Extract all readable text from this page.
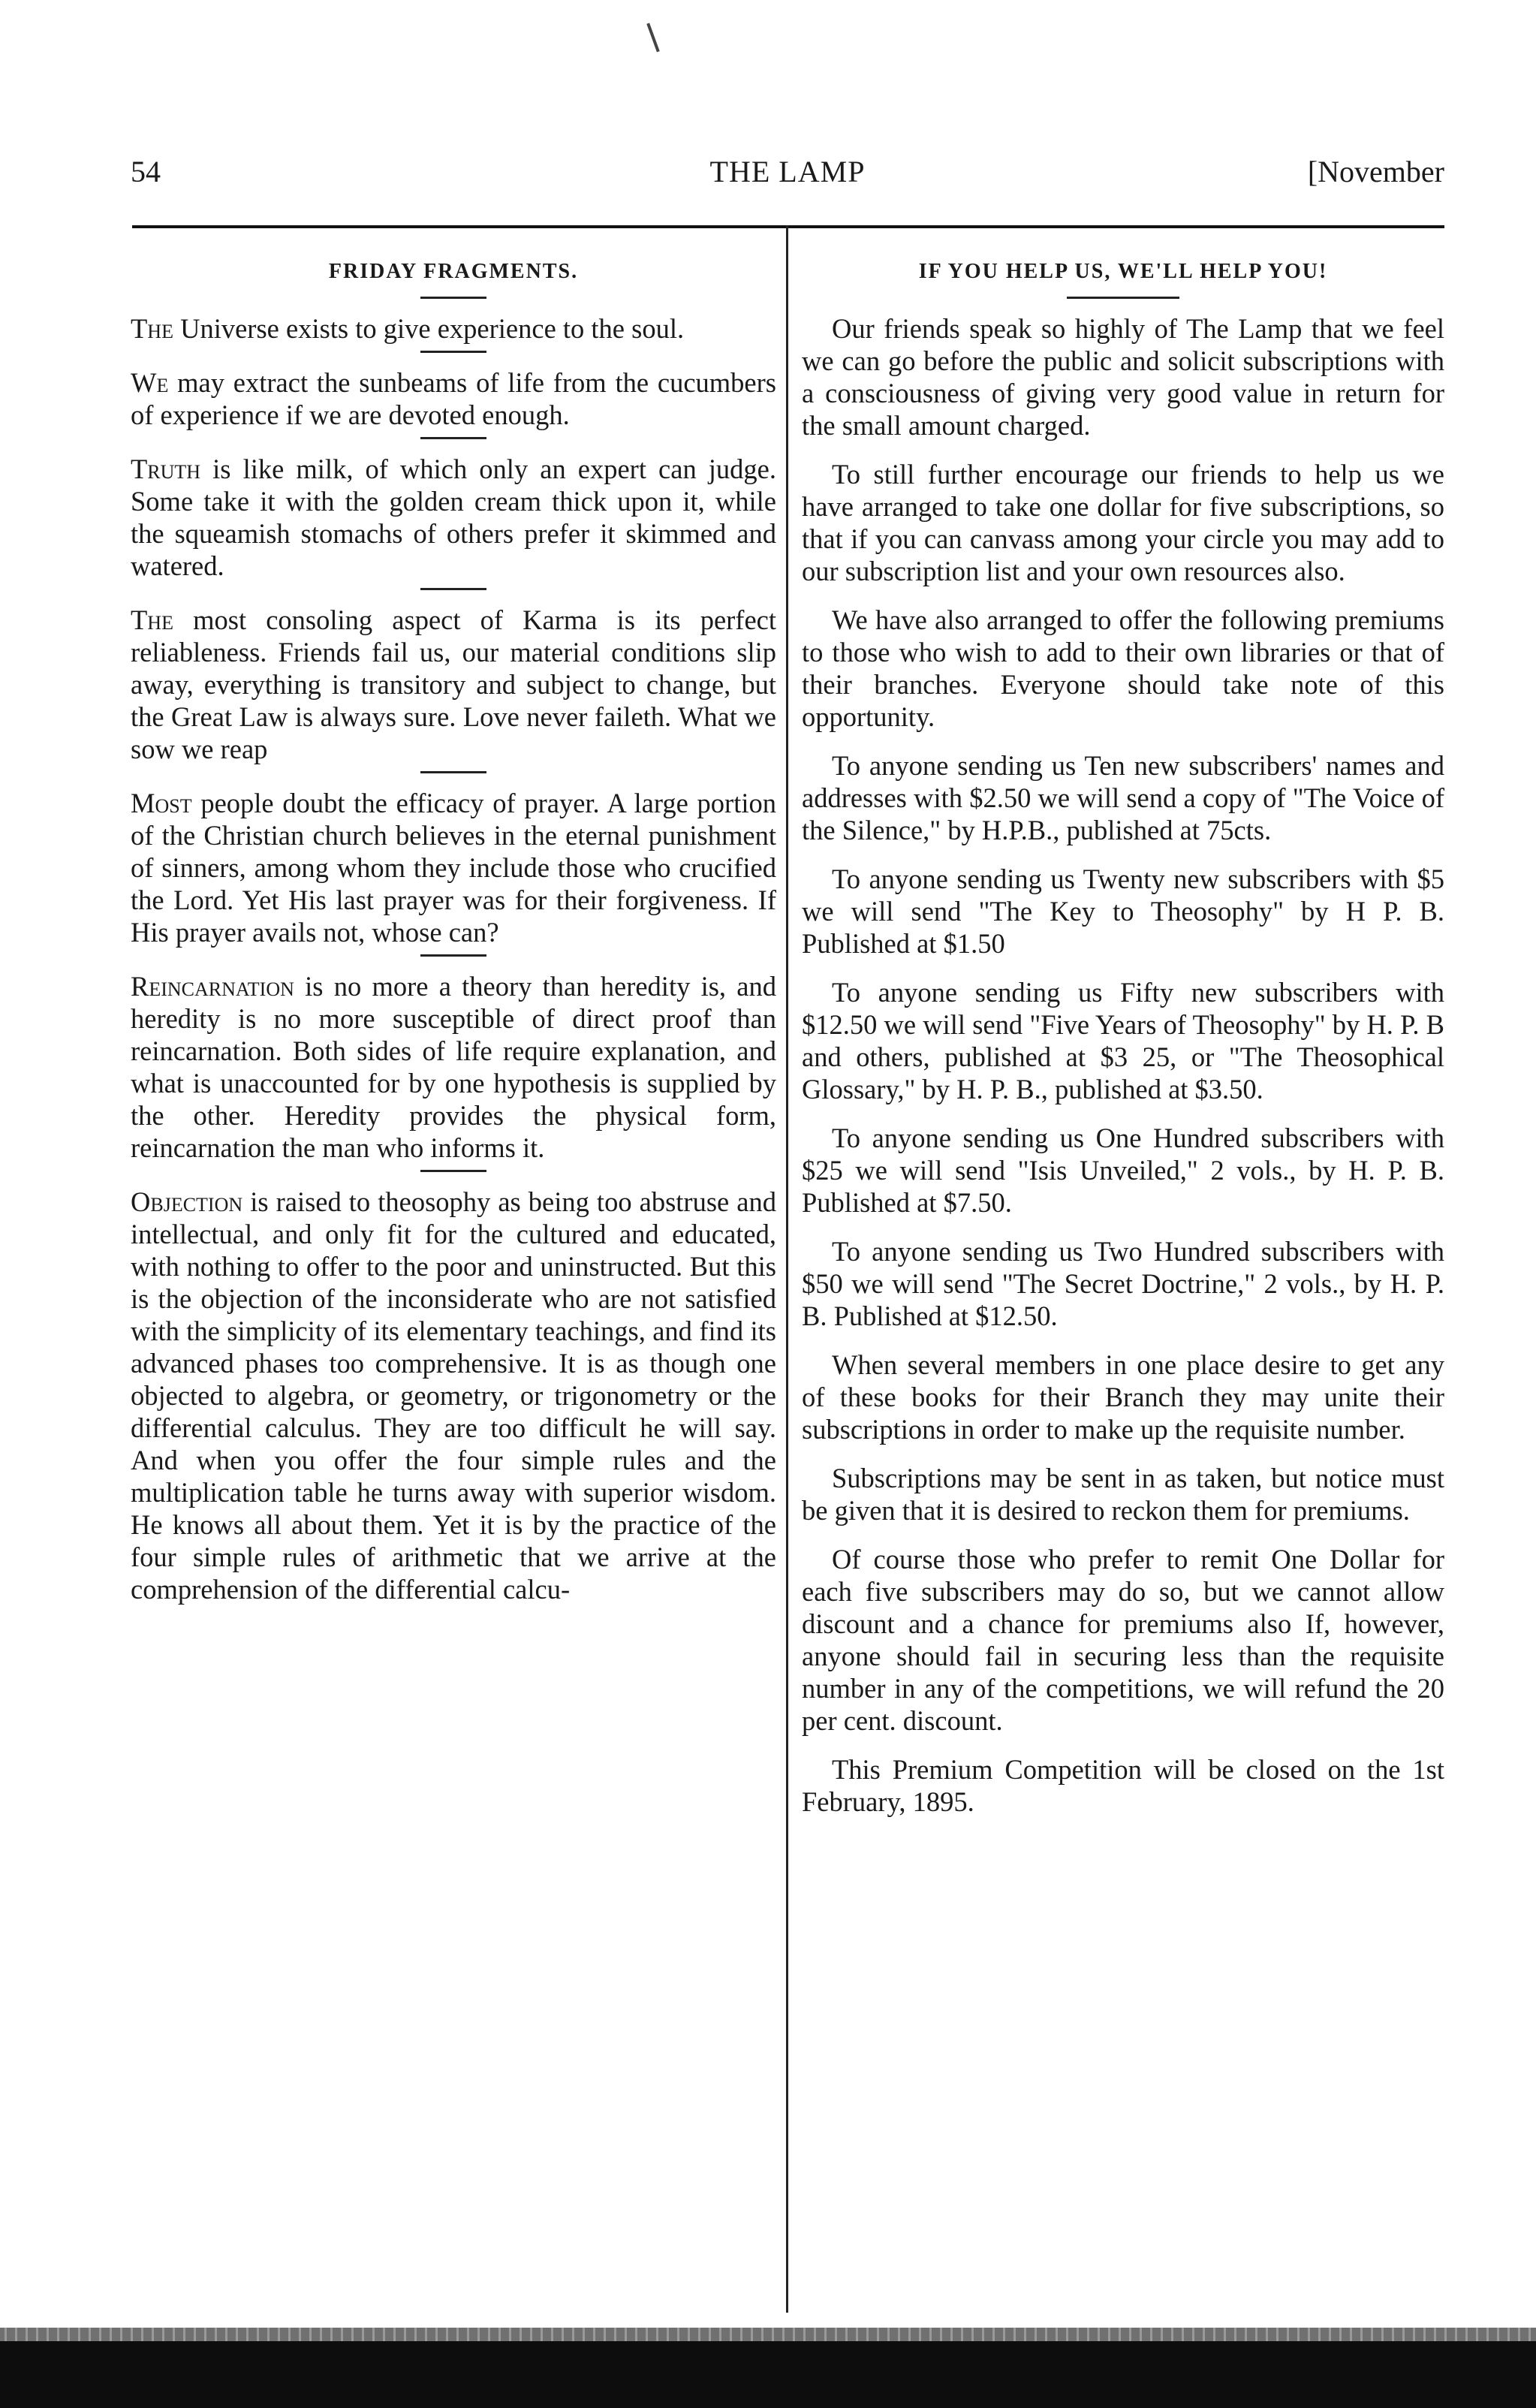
54	THE LAMP	[November
FRIDAY FRAGMENTS.

The Universe exists to give experience to the soul.

We may extract the sunbeams of life from the cucumbers of experience if we are devoted enough.

Truth is like milk, of which only an expert can judge. Some take it with the golden cream thick upon it, while the squeamish stomachs of others prefer it skimmed and watered.

The most consoling aspect of Karma is its perfect reliableness. Friends fail us, our material conditions slip away, everything is transitory and subject to change, but the Great Law is always sure. Love never faileth. What we sow we reap

Most people doubt the efficacy of prayer. A large portion of the Christian church believes in the eternal punishment of sinners, among whom they include those who crucified the Lord. Yet His last prayer was for their forgiveness. If His prayer avails not, whose can?

Reincarnation is no more a theory than heredity is, and heredity is no more susceptible of direct proof than reincarnation. Both sides of life require explanation, and what is unaccounted for by one hypothesis is supplied by the other. Heredity provides the physical form, reincarnation the man who informs it.

Objection is raised to theosophy as being too abstruse and intellectual, and only fit for the cultured and educated, with nothing to offer to the poor and uninstructed. But this is the objection of the inconsiderate who are not satisfied with the simplicity of its elementary teachings, and find its advanced phases too comprehensive. It is as though one objected to algebra, or geometry, or trigonometry or the differential calculus. They are too difficult he will say. And when you offer the four simple rules and the multiplication table he turns away with superior wisdom. He knows all about them. Yet it is by the practice of the four simple rules of arithmetic that we arrive at the comprehension of the differential calcu-

IF YOU HELP US, WE'LL HELP YOU!

Our friends speak so highly of The Lamp that we feel we can go before the public and solicit subscriptions with a consciousness of giving very good value in return for the small amount charged.

To still further encourage our friends to help us we have arranged to take one dollar for five subscriptions, so that if you can canvass among your circle you may add to our subscription list and your own resources also.

We have also arranged to offer the following premiums to those who wish to add to their own libraries or that of their branches. Everyone should take note of this opportunity.

To anyone sending us Ten new subscribers' names and addresses with $2.50 we will send a copy of "The Voice of the Silence," by H.P.B., published at 75cts.

To anyone sending us Twenty new subscribers with $5 we will send "The Key to Theosophy" by H P. B. Published at $1.50

To anyone sending us Fifty new subscribers with $12.50 we will send "Five Years of Theosophy" by H. P. B and others, published at $3 25, or "The Theosophical Glossary," by H. P. B., published at $3.50.

To anyone sending us One Hundred subscribers with $25 we will send "Isis Unveiled," 2 vols., by H. P. B. Published at $7.50.

To anyone sending us Two Hundred subscribers with $50 we will send "The Secret Doctrine," 2 vols., by H. P. B. Published at $12.50.

When several members in one place desire to get any of these books for their Branch they may unite their subscriptions in order to make up the requisite number.

Subscriptions may be sent in as taken, but notice must be given that it is desired to reckon them for premiums.

Of course those who prefer to remit One Dollar for each five subscribers may do so, but we cannot allow discount and a chance for premiums also If, however, anyone should fail in securing less than the requisite number in any of the competitions, we will refund the 20 per cent. discount.

This Premium Competition will be closed on the 1st February, 1895.
